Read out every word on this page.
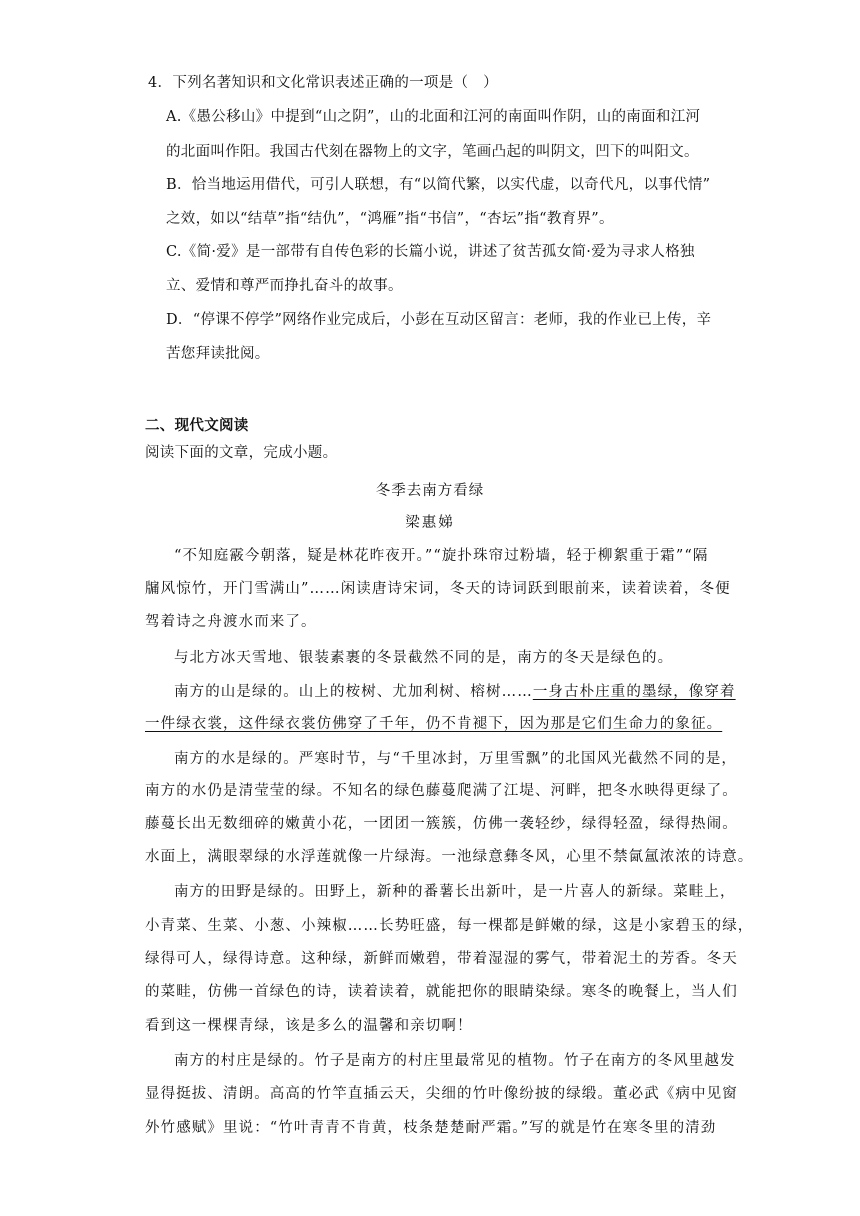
4．下列名著知识和文化常识表述正确的一项是（　）
A.《愚公移山》中提到“山之阴”，山的北面和江河的南面叫作阴，山的南面和江河
的北面叫作阳。我国古代刻在器物上的文字，笔画凸起的叫阴文，凹下的叫阳文。
B．恰当地运用借代，可引人联想，有“以简代繁，以实代虚，以奇代凡，以事代情”
之效，如以“结草”指“结仇”，“鸿雁”指“书信”，“杏坛”指“教育界”。
C.《简·爱》是一部带有自传色彩的长篇小说，讲述了贫苦孤女简·爱为寻求人格独
立、爱情和尊严而挣扎奋斗的故事。
D．“停课不停学”网络作业完成后，小彭在互动区留言：老师，我的作业已上传，辛
苦您拜读批阅。
二、现代文阅读
阅读下面的文章，完成小题。
冬季去南方看绿
梁惠娣
“不知庭霰今朝落，疑是林花昨夜开。”“旋扑珠帘过粉墙，轻于柳絮重于霜”“隔
牖风惊竹，开门雪满山”……闲读唐诗宋词，冬天的诗词跃到眼前来，读着读着，冬便
驾着诗之舟渡水而来了。
与北方冰天雪地、银装素裹的冬景截然不同的是，南方的冬天是绿色的。
南方的山是绿的。山上的桉树、尤加利树、榕树……一身古朴庄重的墨绿，像穿着
一件绿衣裳，这件绿衣裳仿佛穿了千年，仍不肯褪下，因为那是它们生命力的象征。
南方的水是绿的。严寒时节，与“千里冰封，万里雪飘”的北国风光截然不同的是，
南方的水仍是清莹莹的绿。不知名的绿色藤蔓爬满了江堤、河畔，把冬水映得更绿了。
藤蔓长出无数细碎的嫩黄小花，一团团一簇簇，仿佛一袭轻纱，绿得轻盈，绿得热闹。
水面上，满眼翠绿的水浮莲就像一片绿海。一池绿意彝冬风，心里不禁氤氲浓浓的诗意。
南方的田野是绿的。田野上，新种的番薯长出新叶，是一片喜人的新绿。菜畦上，
小青菜、生菜、小葱、小辣椒……长势旺盛，每一棵都是鲜嫩的绿，这是小家碧玉的绿，
绿得可人，绿得诗意。这种绿，新鲜而嫩碧，带着湿湿的雾气，带着泥土的芳香。冬天
的菜畦，仿佛一首绿色的诗，读着读着，就能把你的眼睛染绿。寒冬的晚餐上，当人们
看到这一棵棵青绿，该是多么的温馨和亲切啊！
南方的村庄是绿的。竹子是南方的村庄里最常见的植物。竹子在南方的冬风里越发
显得挺拔、清朗。高高的竹竿直插云天，尖细的竹叶像纷披的绿缎。董必武《病中见窗
外竹感赋》里说：“竹叶青青不肯黄，枝条楚楚耐严霜。”写的就是竹在寒冬里的清劲
